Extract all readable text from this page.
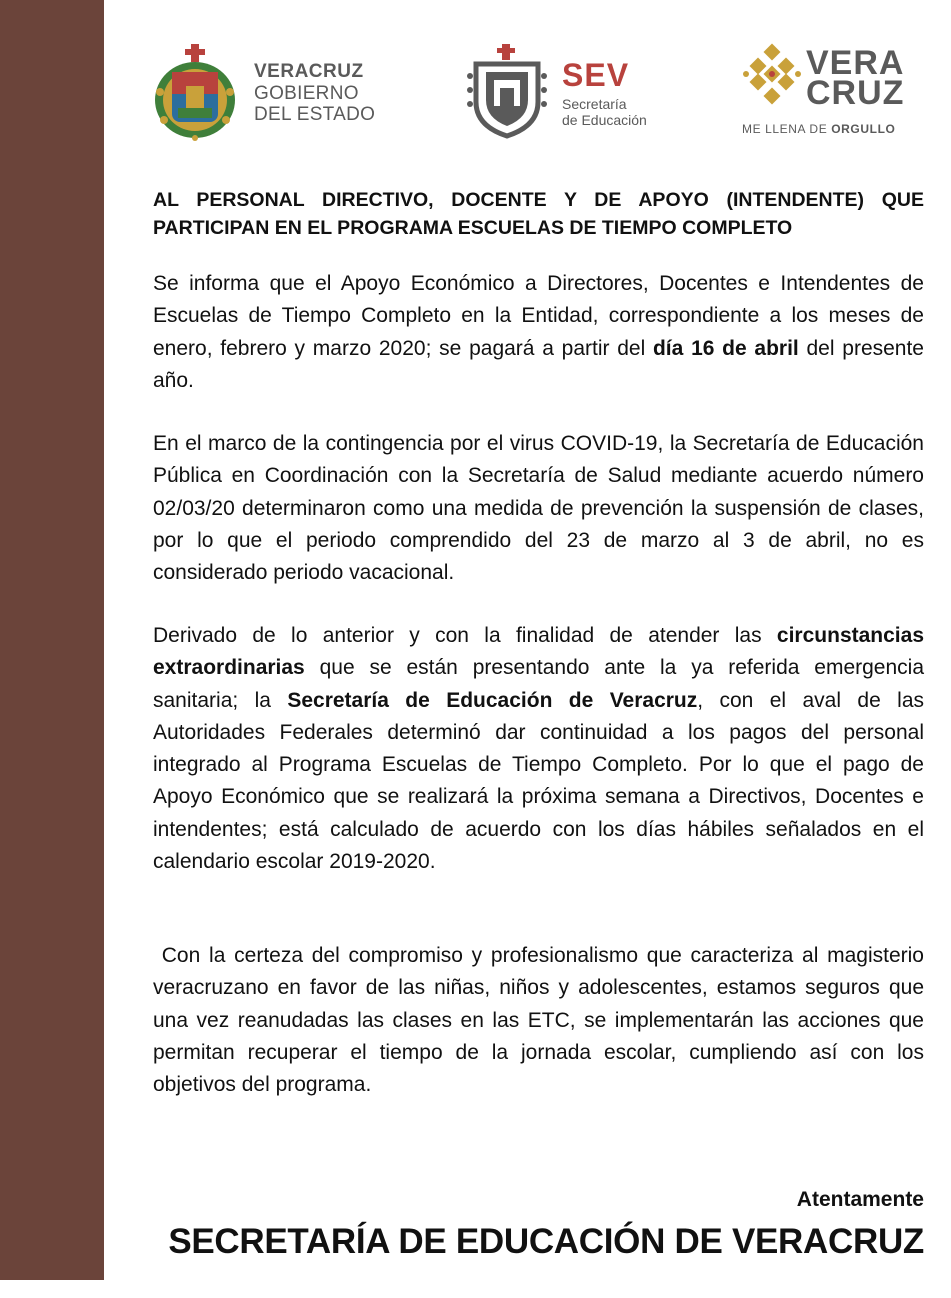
VERACRUZ
GOBIERNO
DEL ESTADO
SEV
Secretaría
de Educación
VERA
CRUZ
ME LLENA DE ORGULLO
AL PERSONAL DIRECTIVO, DOCENTE Y DE APOYO (INTENDENTE) QUE PARTICIPAN EN EL PROGRAMA ESCUELAS DE TIEMPO COMPLETO

Se informa que el Apoyo Económico a Directores, Docentes e Intendentes de Escuelas de Tiempo Completo en la Entidad, correspondiente a los meses de enero, febrero y marzo 2020; se pagará a partir del día 16 de abril del presente año.

En el marco de la contingencia por el virus COVID-19, la Secretaría de Educación Pública en Coordinación con la Secretaría de Salud mediante acuerdo número 02/03/20 determinaron como una medida de prevención la suspensión de clases, por lo que el periodo comprendido del 23 de marzo al 3 de abril, no es considerado periodo vacacional.

Derivado de lo anterior y con la finalidad de atender las circunstancias extraordinarias que se están presentando ante la ya referida emergencia sanitaria; la Secretaría de Educación de Veracruz, con el aval de las Autoridades Federales determinó dar continuidad a los pagos del personal integrado al Programa Escuelas de Tiempo Completo. Por lo que el pago de Apoyo Económico que se realizará la próxima semana a Directivos, Docentes e intendentes; está calculado de acuerdo con los días hábiles señalados en el calendario escolar 2019-2020.

Con la certeza del compromiso y profesionalismo que caracteriza al magisterio veracruzano en favor de las niñas, niños y adolescentes, estamos seguros que una vez reanudadas las clases en las ETC, se implementarán las acciones que permitan recuperar el tiempo de la jornada escolar, cumpliendo así con los objetivos del programa.

Atentamente
SECRETARÍA DE EDUCACIÓN DE VERACRUZ
